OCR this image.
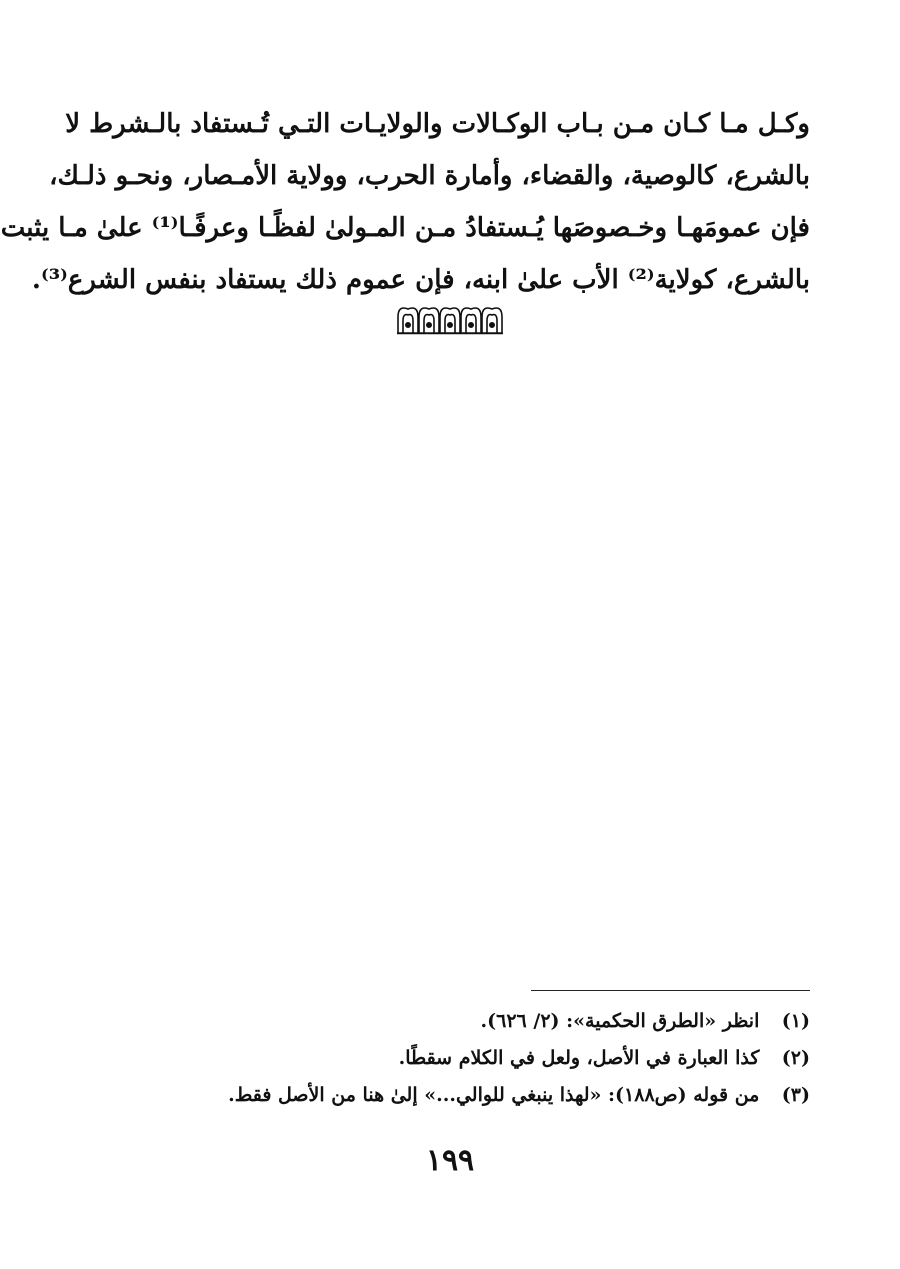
وكـل مـا كـان مـن بـاب الوكـالات والولايـات التـي تُـستفاد بالـشرط لا
بالشرع، كالوصية، والقضاء، وأمارة الحرب، وولاية الأمـصار، ونحـو ذلـك،
فإن عمومَهـا وخـصوصَها يُـستفادُ مـن المـولىٰ لفظًـا وعرفًـا⁽¹⁾ علىٰ مـا يثبت
بالشرع، كولاية⁽²⁾ الأب علىٰ ابنه، فإن عموم ذلك يستفاد بنفس الشرع⁽³⁾.
(١) انظر «الطرق الحكمية»: (٢/ ٦٢٦).
(٢) كذا العبارة في الأصل، ولعل في الكلام سقطًا.
(٣) من قوله (ص١٨٨): «لهذا ينبغي للوالي...» إلىٰ هنا من الأصل فقط.
١٩٩
